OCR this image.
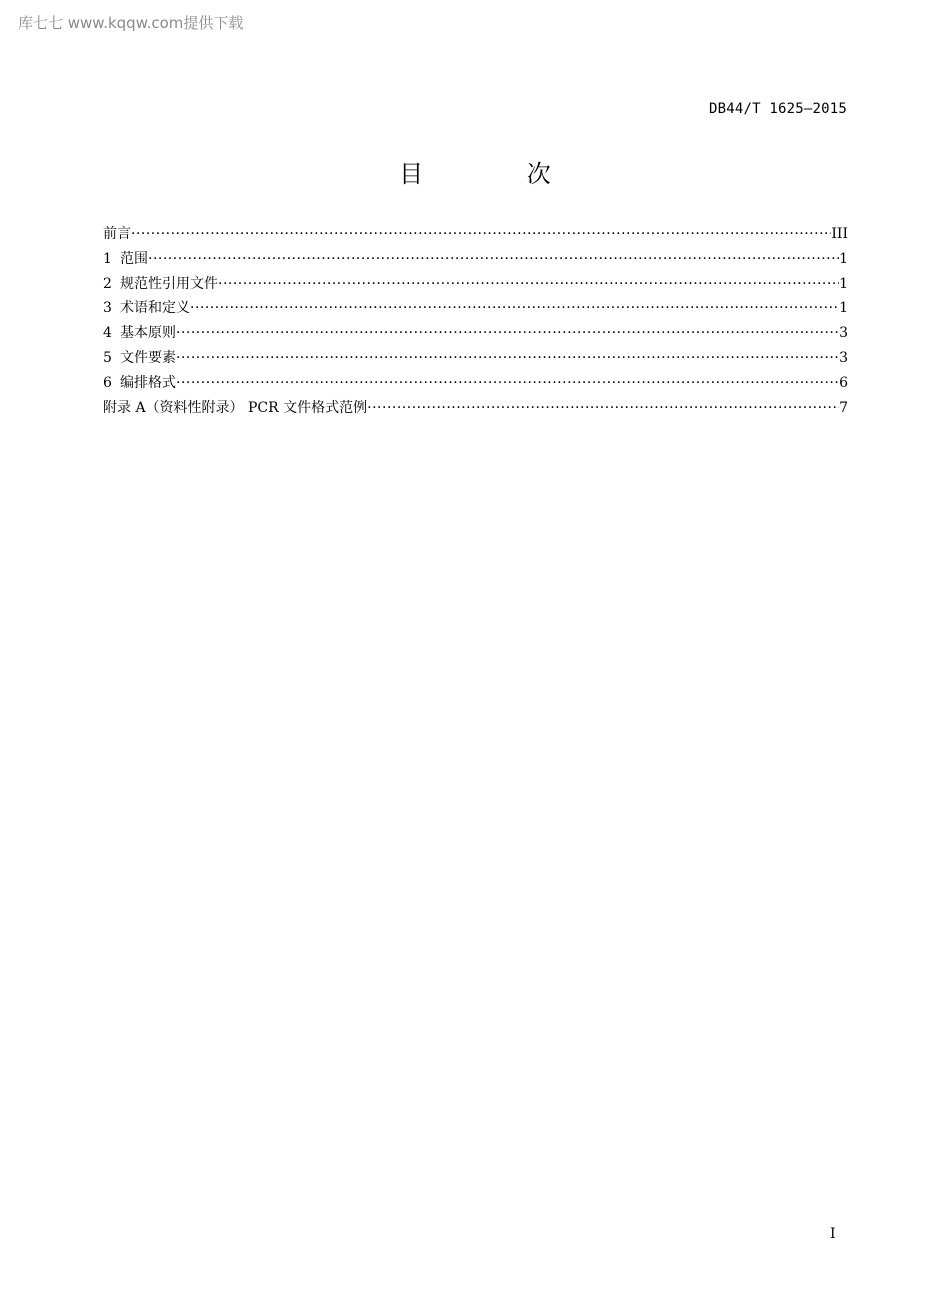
库七七 www.kqqw.com提供下载
DB44/T 1625—2015
目 次
前言 ·····	III
1 范围 ·····	1
2 规范性引用文件 ·····	1
3 术语和定义 ·····	1
4 基本原则 ·····	3
5 文件要素 ·····	3
6 编排格式 ·····	6
附录 A（资料性附录） PCR 文件格式范例 ·····	7
I
